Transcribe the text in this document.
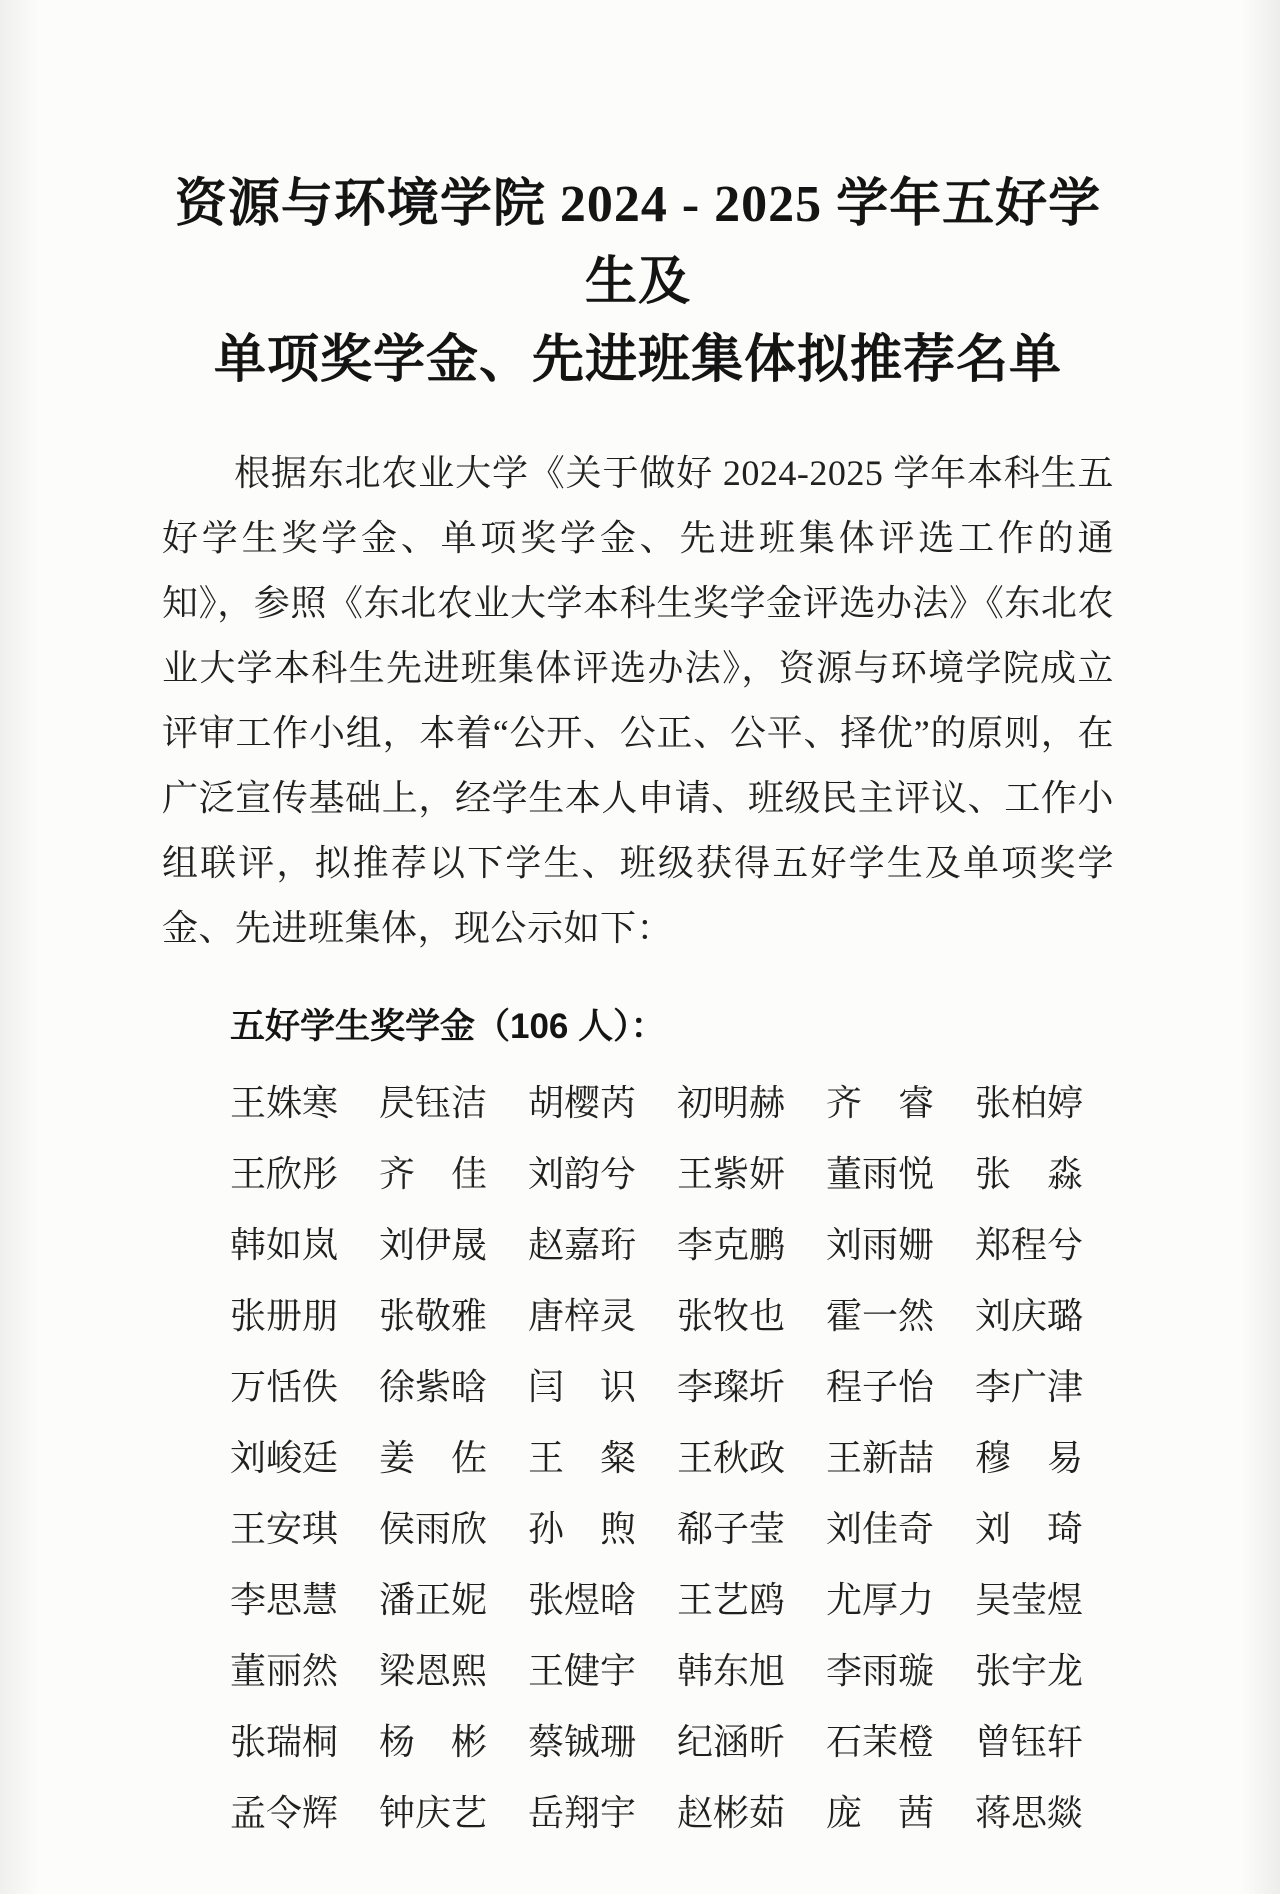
资源与环境学院 2024 - 2025 学年五好学生及
单项奖学金、先进班集体拟推荐名单

根据东北农业大学《关于做好 2024-2025 学年本科生五好学生奖学金、单项奖学金、先进班集体评选工作的通知》，参照《东北农业大学本科生奖学金评选办法》《东北农业大学本科生先进班集体评选办法》，资源与环境学院成立评审工作小组，本着“公开、公正、公平、择优”的原则，在广泛宣传基础上，经学生本人申请、班级民主评议、工作小组联评，拟推荐以下学生、班级获得五好学生及单项奖学金、先进班集体，现公示如下：

五好学生奖学金（106 人）：
王姝寒	昃钰洁	胡樱芮	初明赫	齐　睿	张柏婷
王欣彤	齐　佳	刘韵兮	王紫妍	董雨悦	张　淼
韩如岚	刘伊晟	赵嘉珩	李克鹏	刘雨姗	郑程兮
张册朋	张敬雅	唐梓灵	张牧也	霍一然	刘庆璐
万恬佚	徐紫晗	闫　识	李璨圻	程子怡	李广津
刘峻廷	姜　佐	王　粲	王秋政	王新喆	穆　易
王安琪	侯雨欣	孙　煦	郗子莹	刘佳奇	刘　琦
李思慧	潘正妮	张煜晗	王艺鸥	尤厚力	吴莹煜
董丽然	梁恩熙	王健宇	韩东旭	李雨璇	张宇龙
张瑞桐	杨　彬	蔡铖珊	纪涵昕	石茉橙	曾钰轩
孟令辉	钟庆艺	岳翔宇	赵彬茹	庞　茜	蒋思燚
